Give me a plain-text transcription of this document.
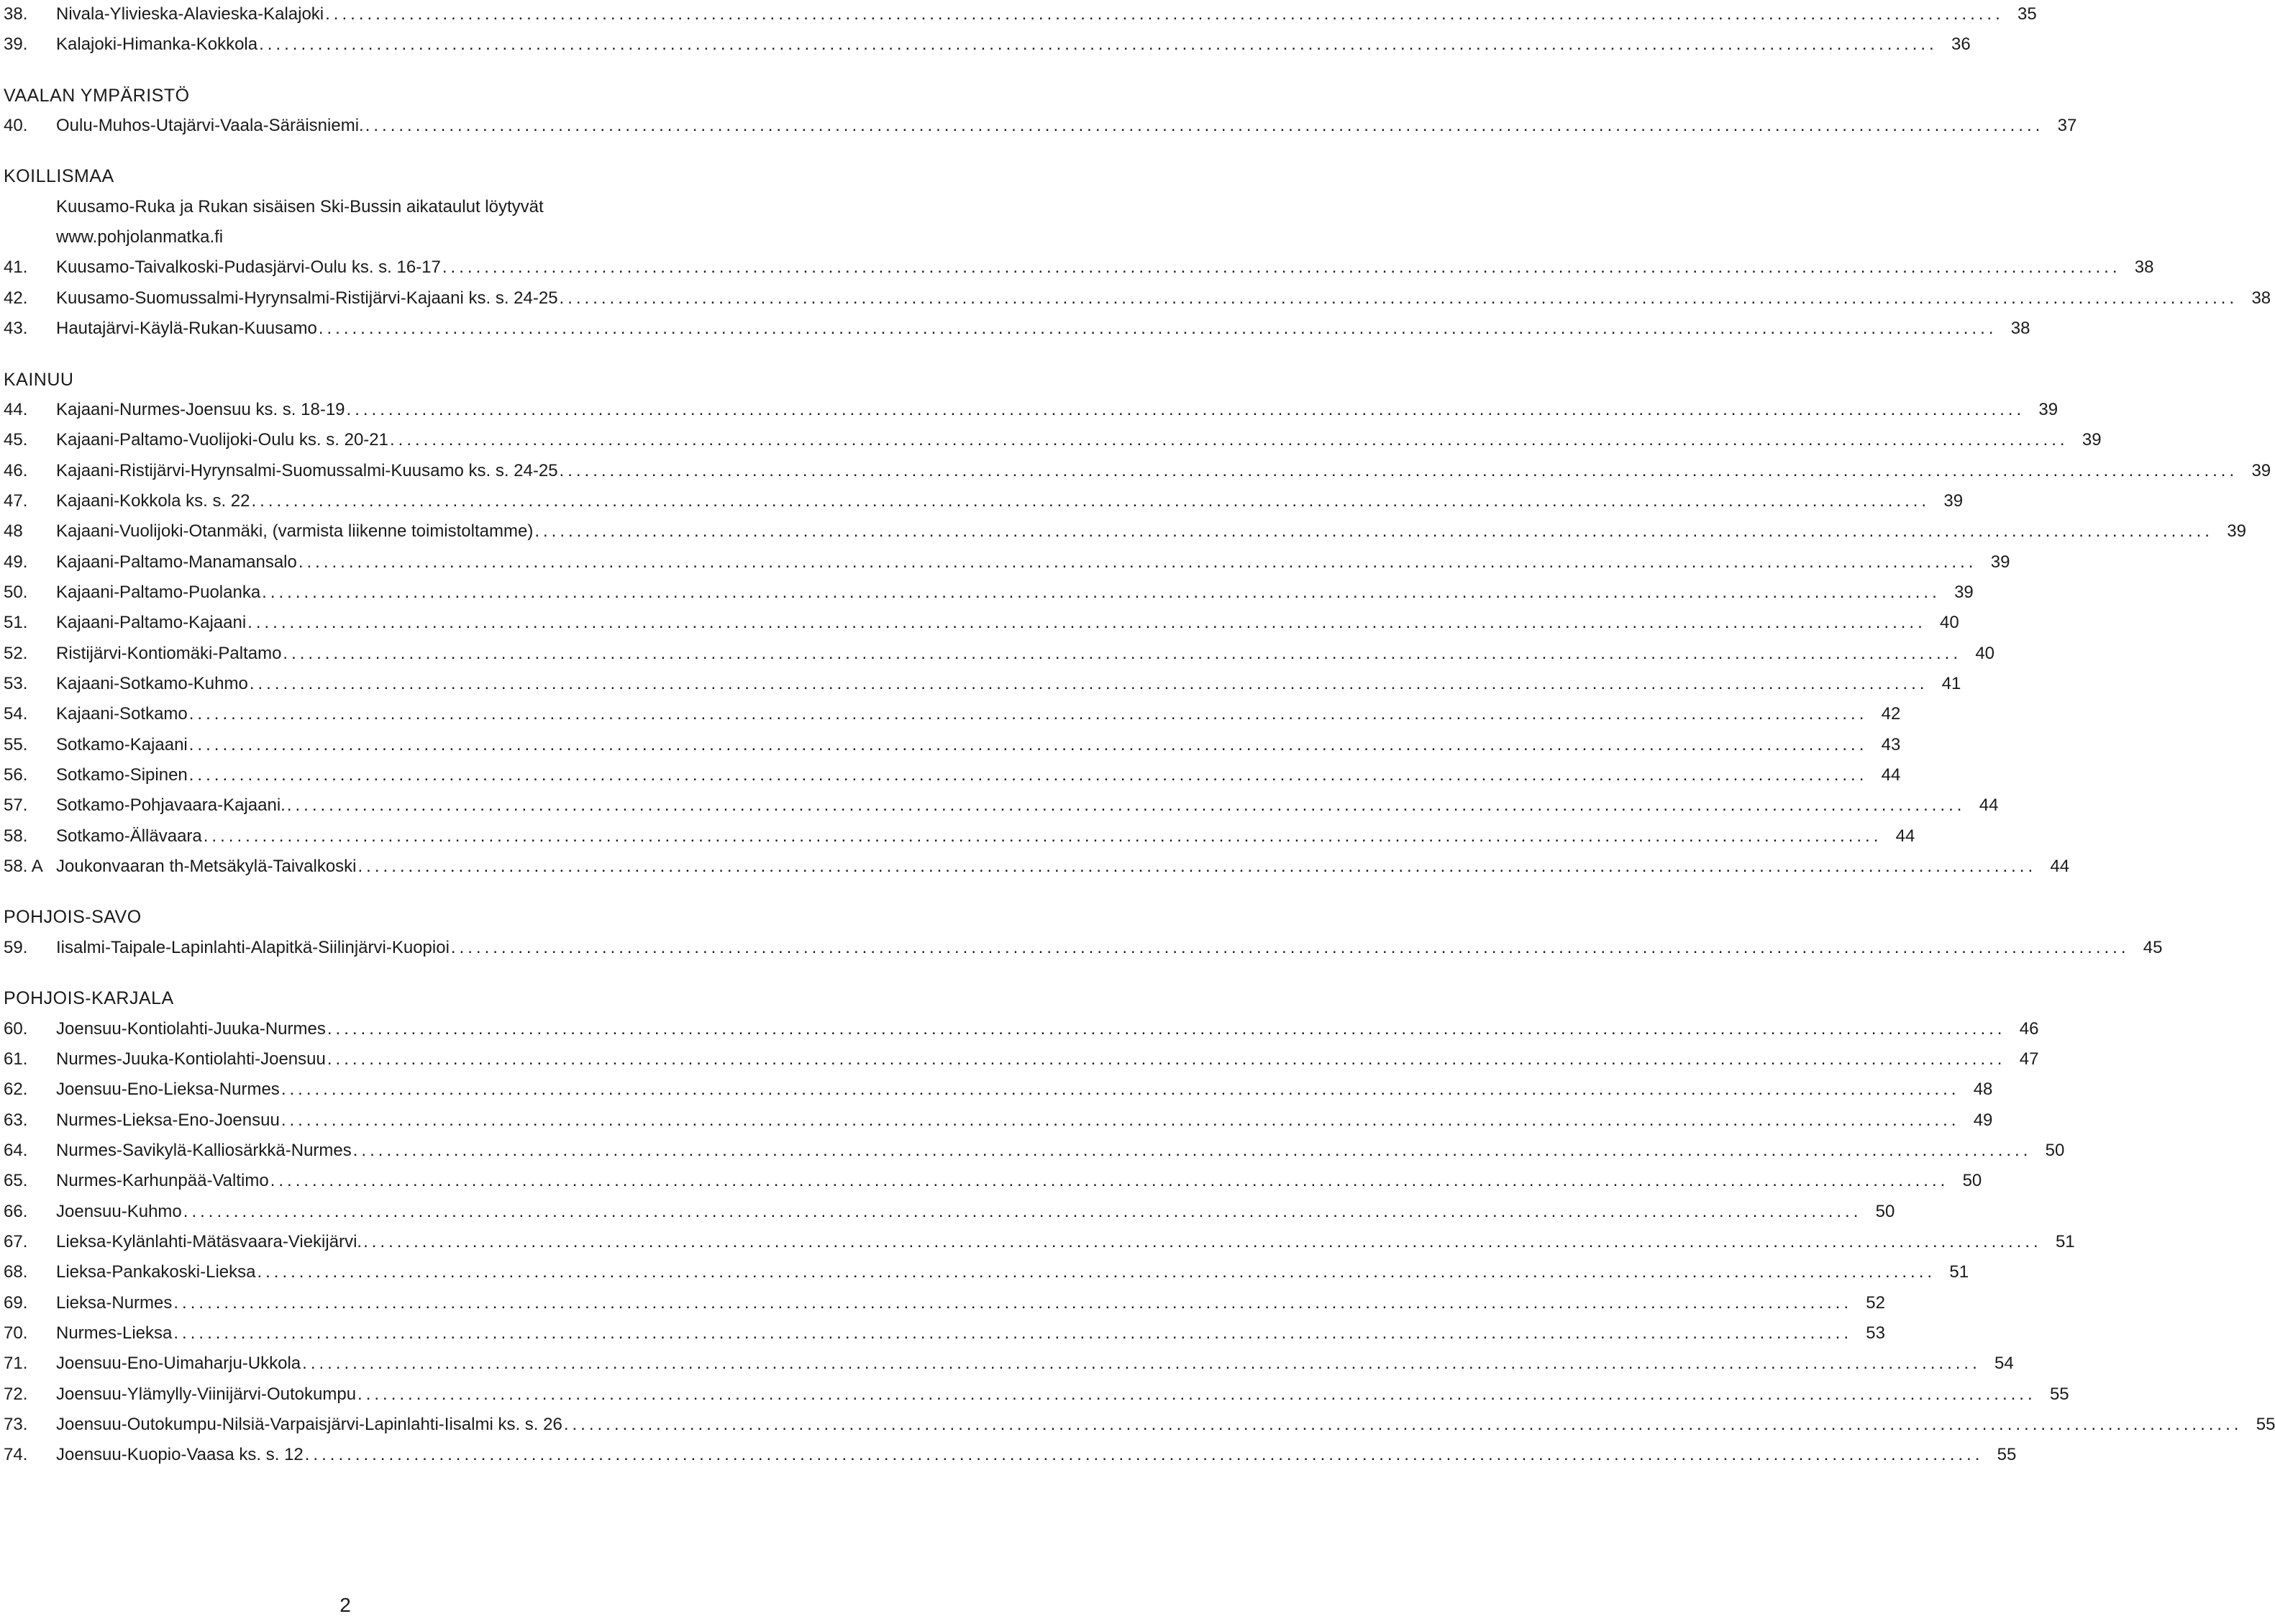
38. Nivala-Ylivieska-Alavieska-Kalajoki ........................................................................................................................................................................................................ 35
39. Kalajoki-Himanka-Kokkola ........................................................................................................................................................................................................ 36
VAALAN YMPÄRISTÖ
40. Oulu-Muhos-Utajärvi-Vaala-Säräisniemi. ........................................................................................................................................................................................................ 37
KOILLISMAA
Kuusamo-Ruka ja Rukan sisäisen Ski-Bussin aikataulut löytyvät
www.pohjolanmatka.fi
41. Kuusamo-Taivalkoski-Pudasjärvi-Oulu ks. s. 16-17 ........................................................................................................................................................................................................ 38
42. Kuusamo-Suomussalmi-Hyrynsalmi-Ristijärvi-Kajaani ks. s. 24-25 ........................................................................................................................................................................................................ 38
43. Hautajärvi-Käylä-Rukan-Kuusamo ........................................................................................................................................................................................................ 38
KAINUU
44. Kajaani-Nurmes-Joensuu ks. s. 18-19 ........................................................................................................................................................................................................ 39
45. Kajaani-Paltamo-Vuolijoki-Oulu ks. s. 20-21 ........................................................................................................................................................................................................ 39
46. Kajaani-Ristijärvi-Hyrynsalmi-Suomussalmi-Kuusamo ks. s. 24-25 ........................................................................................................................................................................................................ 39
47. Kajaani-Kokkola ks. s. 22 ........................................................................................................................................................................................................ 39
48 Kajaani-Vuolijoki-Otanmäki, (varmista liikenne toimistoltamme) ........................................................................................................................................................................................................ 39
49. Kajaani-Paltamo-Manamansalo ........................................................................................................................................................................................................ 39
50. Kajaani-Paltamo-Puolanka ........................................................................................................................................................................................................ 39
51. Kajaani-Paltamo-Kajaani ........................................................................................................................................................................................................ 40
52. Ristijärvi-Kontiomäki-Paltamo ........................................................................................................................................................................................................ 40
53. Kajaani-Sotkamo-Kuhmo ........................................................................................................................................................................................................ 41
54. Kajaani-Sotkamo ........................................................................................................................................................................................................ 42
55. Sotkamo-Kajaani ........................................................................................................................................................................................................ 43
56. Sotkamo-Sipinen ........................................................................................................................................................................................................ 44
57. Sotkamo-Pohjavaara-Kajaani. ........................................................................................................................................................................................................ 44
58. Sotkamo-Ällävaara ........................................................................................................................................................................................................ 44
58. A Joukonvaaran th-Metsäkylä-Taivalkoski ........................................................................................................................................................................................................ 44
POHJOIS-SAVO
59. Iisalmi-Taipale-Lapinlahti-Alapitkä-Siilinjärvi-Kuopioi ........................................................................................................................................................................................................ 45
POHJOIS-KARJALA
60. Joensuu-Kontiolahti-Juuka-Nurmes ........................................................................................................................................................................................................ 46
61. Nurmes-Juuka-Kontiolahti-Joensuu ........................................................................................................................................................................................................ 47
62. Joensuu-Eno-Lieksa-Nurmes ........................................................................................................................................................................................................ 48
63. Nurmes-Lieksa-Eno-Joensuu ........................................................................................................................................................................................................ 49
64. Nurmes-Savikylä-Kalliosärkkä-Nurmes ........................................................................................................................................................................................................ 50
65. Nurmes-Karhunpää-Valtimo ........................................................................................................................................................................................................ 50
66. Joensuu-Kuhmo ........................................................................................................................................................................................................ 50
67. Lieksa-Kylänlahti-Mätäsvaara-Viekijärvi. ........................................................................................................................................................................................................ 51
68. Lieksa-Pankakoski-Lieksa ........................................................................................................................................................................................................ 51
69. Lieksa-Nurmes ........................................................................................................................................................................................................ 52
70. Nurmes-Lieksa ........................................................................................................................................................................................................ 53
71. Joensuu-Eno-Uimaharju-Ukkola ........................................................................................................................................................................................................ 54
72. Joensuu-Ylämylly-Viinijärvi-Outokumpu ........................................................................................................................................................................................................ 55
73. Joensuu-Outokumpu-Nilsiä-Varpaisjärvi-Lapinlahti-Iisalmi ks. s. 26 ........................................................................................................................................................................................................ 55
74. Joensuu-Kuopio-Vaasa ks. s. 12 ........................................................................................................................................................................................................ 55
2
